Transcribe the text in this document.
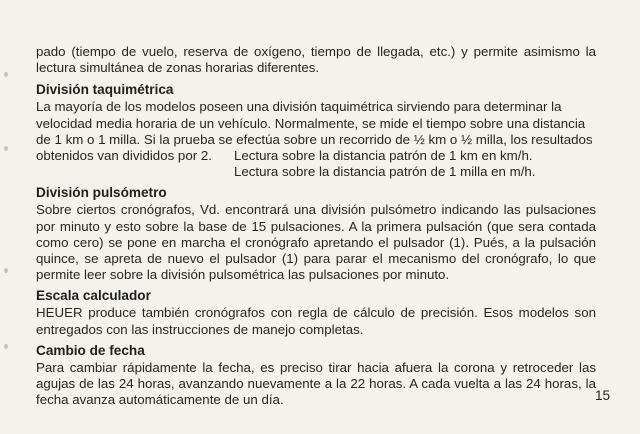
pado (tiempo de vuelo, reserva de oxígeno, tiempo de llegada, etc.) y permite asimismo la lectura simultánea de zonas horarias diferentes.

División taquimétrica

La mayoría de los modelos poseen una división taquimétrica sirviendo para determinar la

velocidad media horaria de un vehículo. Normalmente, se mide el tiempo sobre una distancia

de 1 km o 1 milla. Si la prueba se efectúa sobre un recorrido de ½ km o ½ milla, los resultados

obtenidos van divididos por 2. Lectura sobre la distancia patrón de 1 km en km/h.
Lectura sobre la distancia patrón de 1 milla en m/h.
División pulsómetro

Sobre ciertos cronógrafos, Vd. encontrará una división pulsómetro indicando las pulsaciones por minuto y esto sobre la base de 15 pulsaciones. A la primera pulsación (que sera contada como cero) se pone en marcha el cronógrafo apretando el pulsador (1). Pués, a la pulsación quince, se apreta de nuevo el pulsador (1) para parar el mecanismo del cronógrafo, lo que permite leer sobre la división pulsométrica las pulsaciones por minuto.

Escala calculador

HEUER produce también cronógrafos con regla de cálculo de precisión. Esos modelos son entregados con las instrucciones de manejo completas.

Cambio de fecha

Para cambiar rápidamente la fecha, es preciso tirar hacia afuera la corona y retroceder las agujas de las 24 horas, avanzando nuevamente a la 22 horas. A cada vuelta a las 24 horas, la fecha avanza automáticamente de un día.	15
